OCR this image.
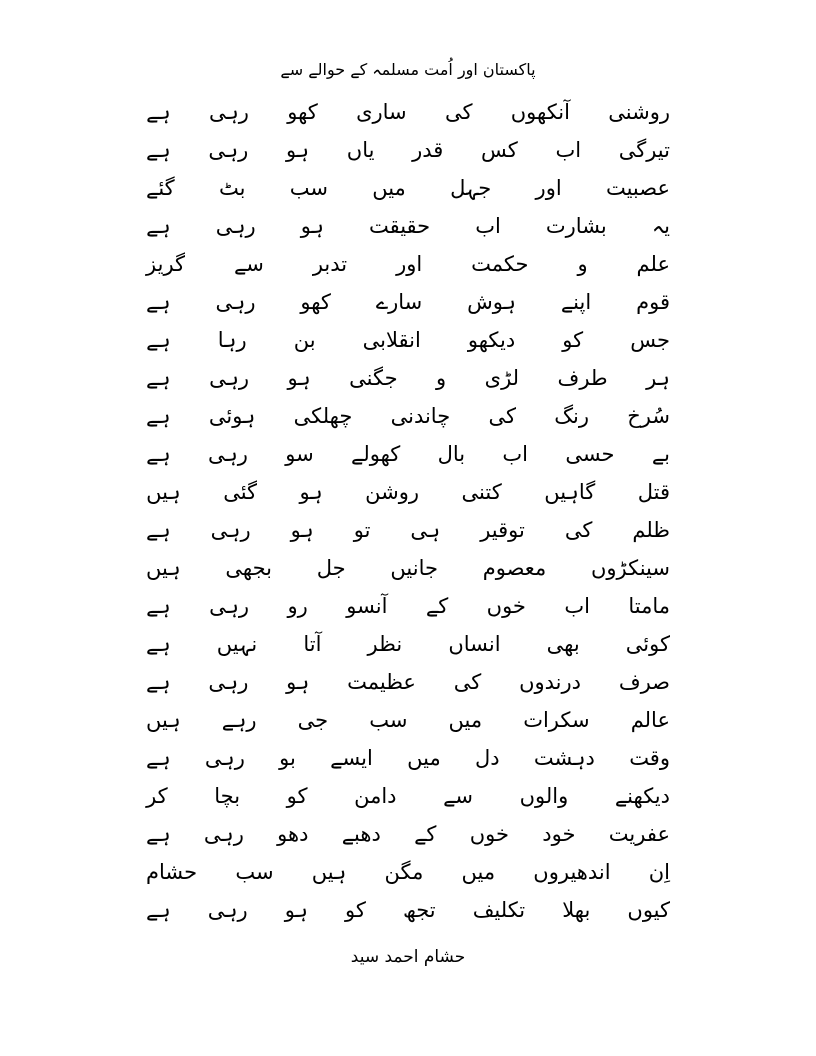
پاکستان اور اُمت مسلمہ کے حوالے سے
روشنی
آنکھوں
کی
ساری
کھو
رہی
ہے
تیرگی
اب
کس
قدر
یاں
ہو
رہی
ہے
عصبیت
اور
جہل
میں
سب
بٹ
گئے
یہ
بشارت
اب
حقیقت
ہو
رہی
ہے
علم
و
حکمت
اور
تدبر
سے
گریز
قوم
اپنے
ہوش
سارے
کھو
رہی
ہے
جس
کو
دیکھو
انقلابی
بن
رہا
ہے
ہر
طرف
لڑی
و
جگنی
ہو
رہی
ہے
سُرخ
رنگ
کی
چاندنی
چھلکی
ہوئی
ہے
بے
حسی
اب
بال
کھولے
سو
رہی
ہے
قتل
گاہیں
کتنی
روشن
ہو
گئی
ہیں
ظلم
کی
توقیر
ہی
تو
ہو
رہی
ہے
سینکڑوں
معصوم
جانیں
جل
بجھی
ہیں
مامتا
اب
خوں
کے
آنسو
رو
رہی
ہے
کوئی
بھی
انساں
نظر
آتا
نہیں
ہے
صرف
درندوں
کی
عظیمت
ہو
رہی
ہے
عالم
سکرات
میں
سب
جی
رہے
ہیں
وقت
دہشت
دل
میں
ایسے
بو
رہی
ہے
دیکھنے
والوں
سے
دامن
کو
بچا
کر
عفریت
خود
خوں
کے
دھبے
دھو
رہی
ہے
اِن
اندھیروں
میں
مگن
ہیں
سب
حشام
کیوں
بھلا
تکلیف
تجھ
کو
ہو
رہی
ہے
حشام احمد سید
